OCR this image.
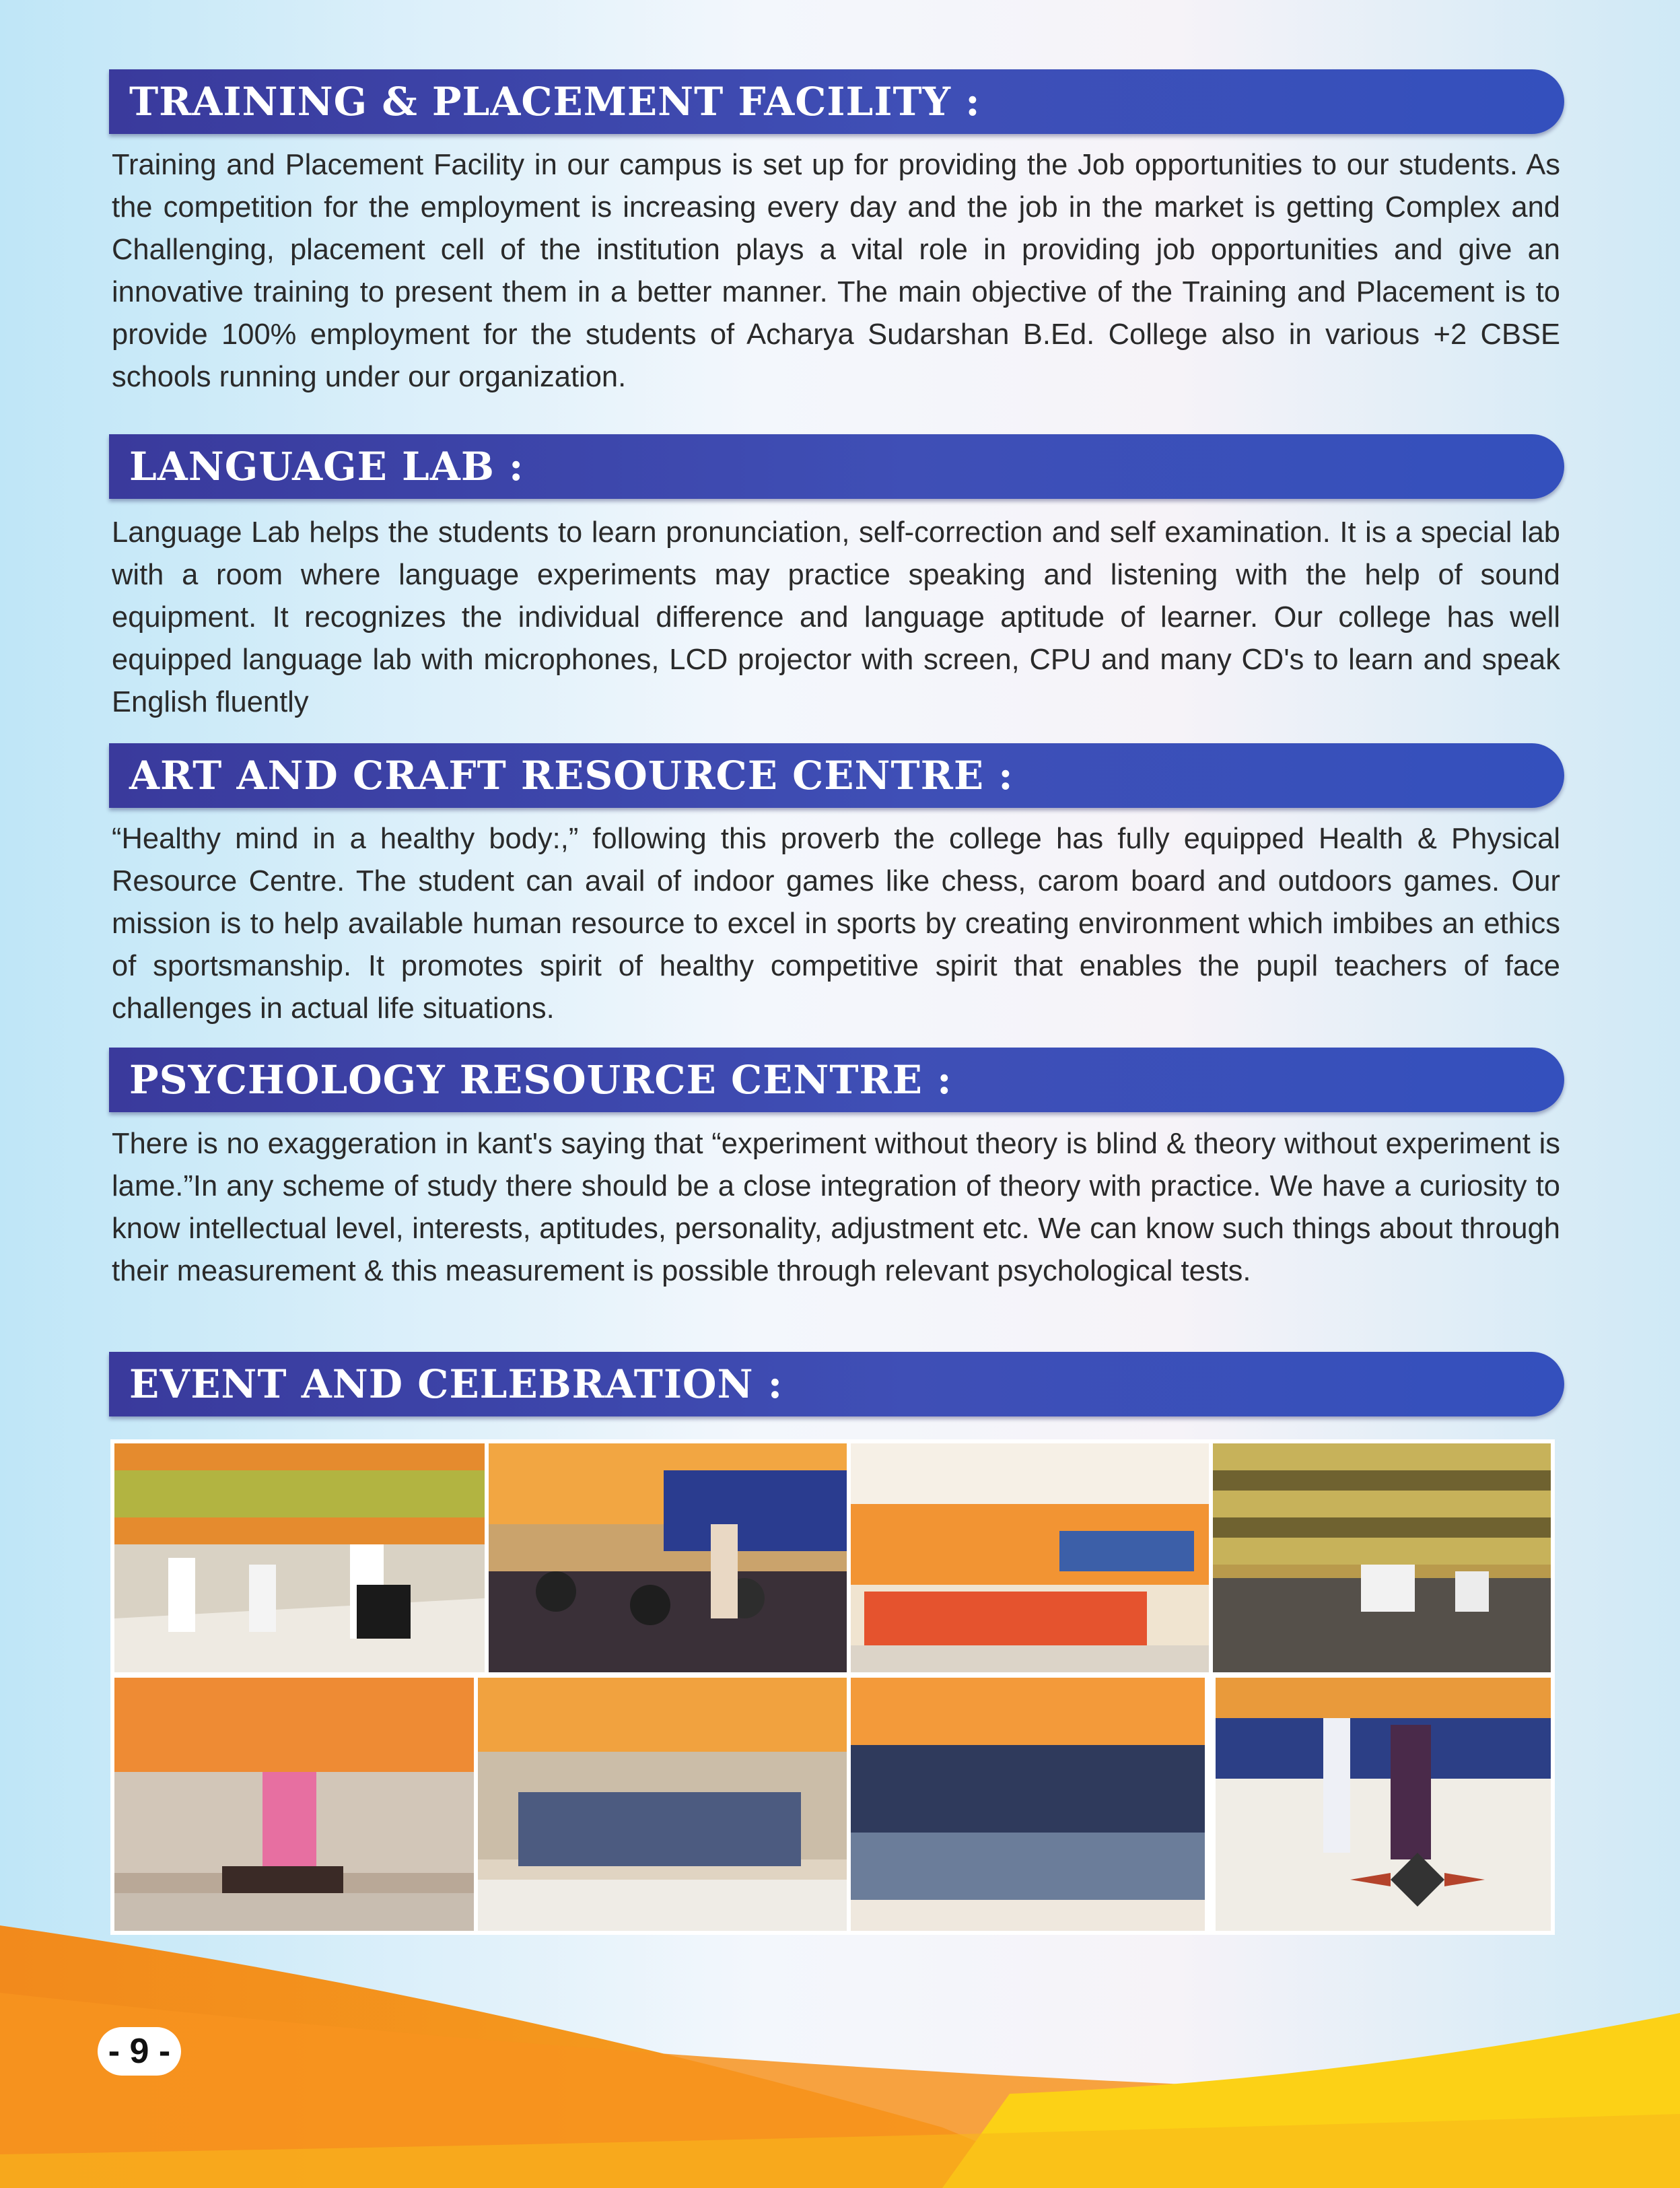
TRAINING & PLACEMENT FACILITY :

Training and Placement Facility in our campus is set up for providing the Job opportunities to our students. As the competition for the employment is increasing every day and the job in the market is getting Complex and Challenging, placement cell of the institution plays a vital role in providing job opportunities and give an innovative training to present them in a better manner. The main objective of the Training and Placement is to provide 100% employment for the students of Acharya Sudarshan B.Ed. College also in various +2 CBSE schools running under our organization.

LANGUAGE LAB :

Language Lab helps the students to learn pronunciation, self-correction and self examination. It is a special lab with a room where language experiments may practice speaking and listening with the help of sound equipment. It recognizes the individual difference and language aptitude of learner. Our college has well equipped language lab with microphones, LCD projector with screen, CPU and many CD's to learn and speak English fluently

ART AND CRAFT RESOURCE CENTRE :

“Healthy mind in a healthy body:,” following this proverb the college has fully equipped Health & Physical Resource Centre. The student can avail of indoor games like chess, carom board and outdoors games. Our mission is to help available human resource to excel in sports by creating environment which imbibes an ethics of sportsmanship. It promotes spirit of healthy competitive spirit that enables the pupil teachers of face challenges in actual life situations.

PSYCHOLOGY RESOURCE CENTRE :

There is no exaggeration in kant's saying that “experiment without theory is blind & theory without experiment is lame.”In any scheme of study there should be a close integration of theory with practice. We have a curiosity to know intellectual level, interests, aptitudes, personality, adjustment etc. We can know such things about through their measurement & this measurement is possible through relevant psychological tests.

EVENT AND CELEBRATION :
- 9 -
